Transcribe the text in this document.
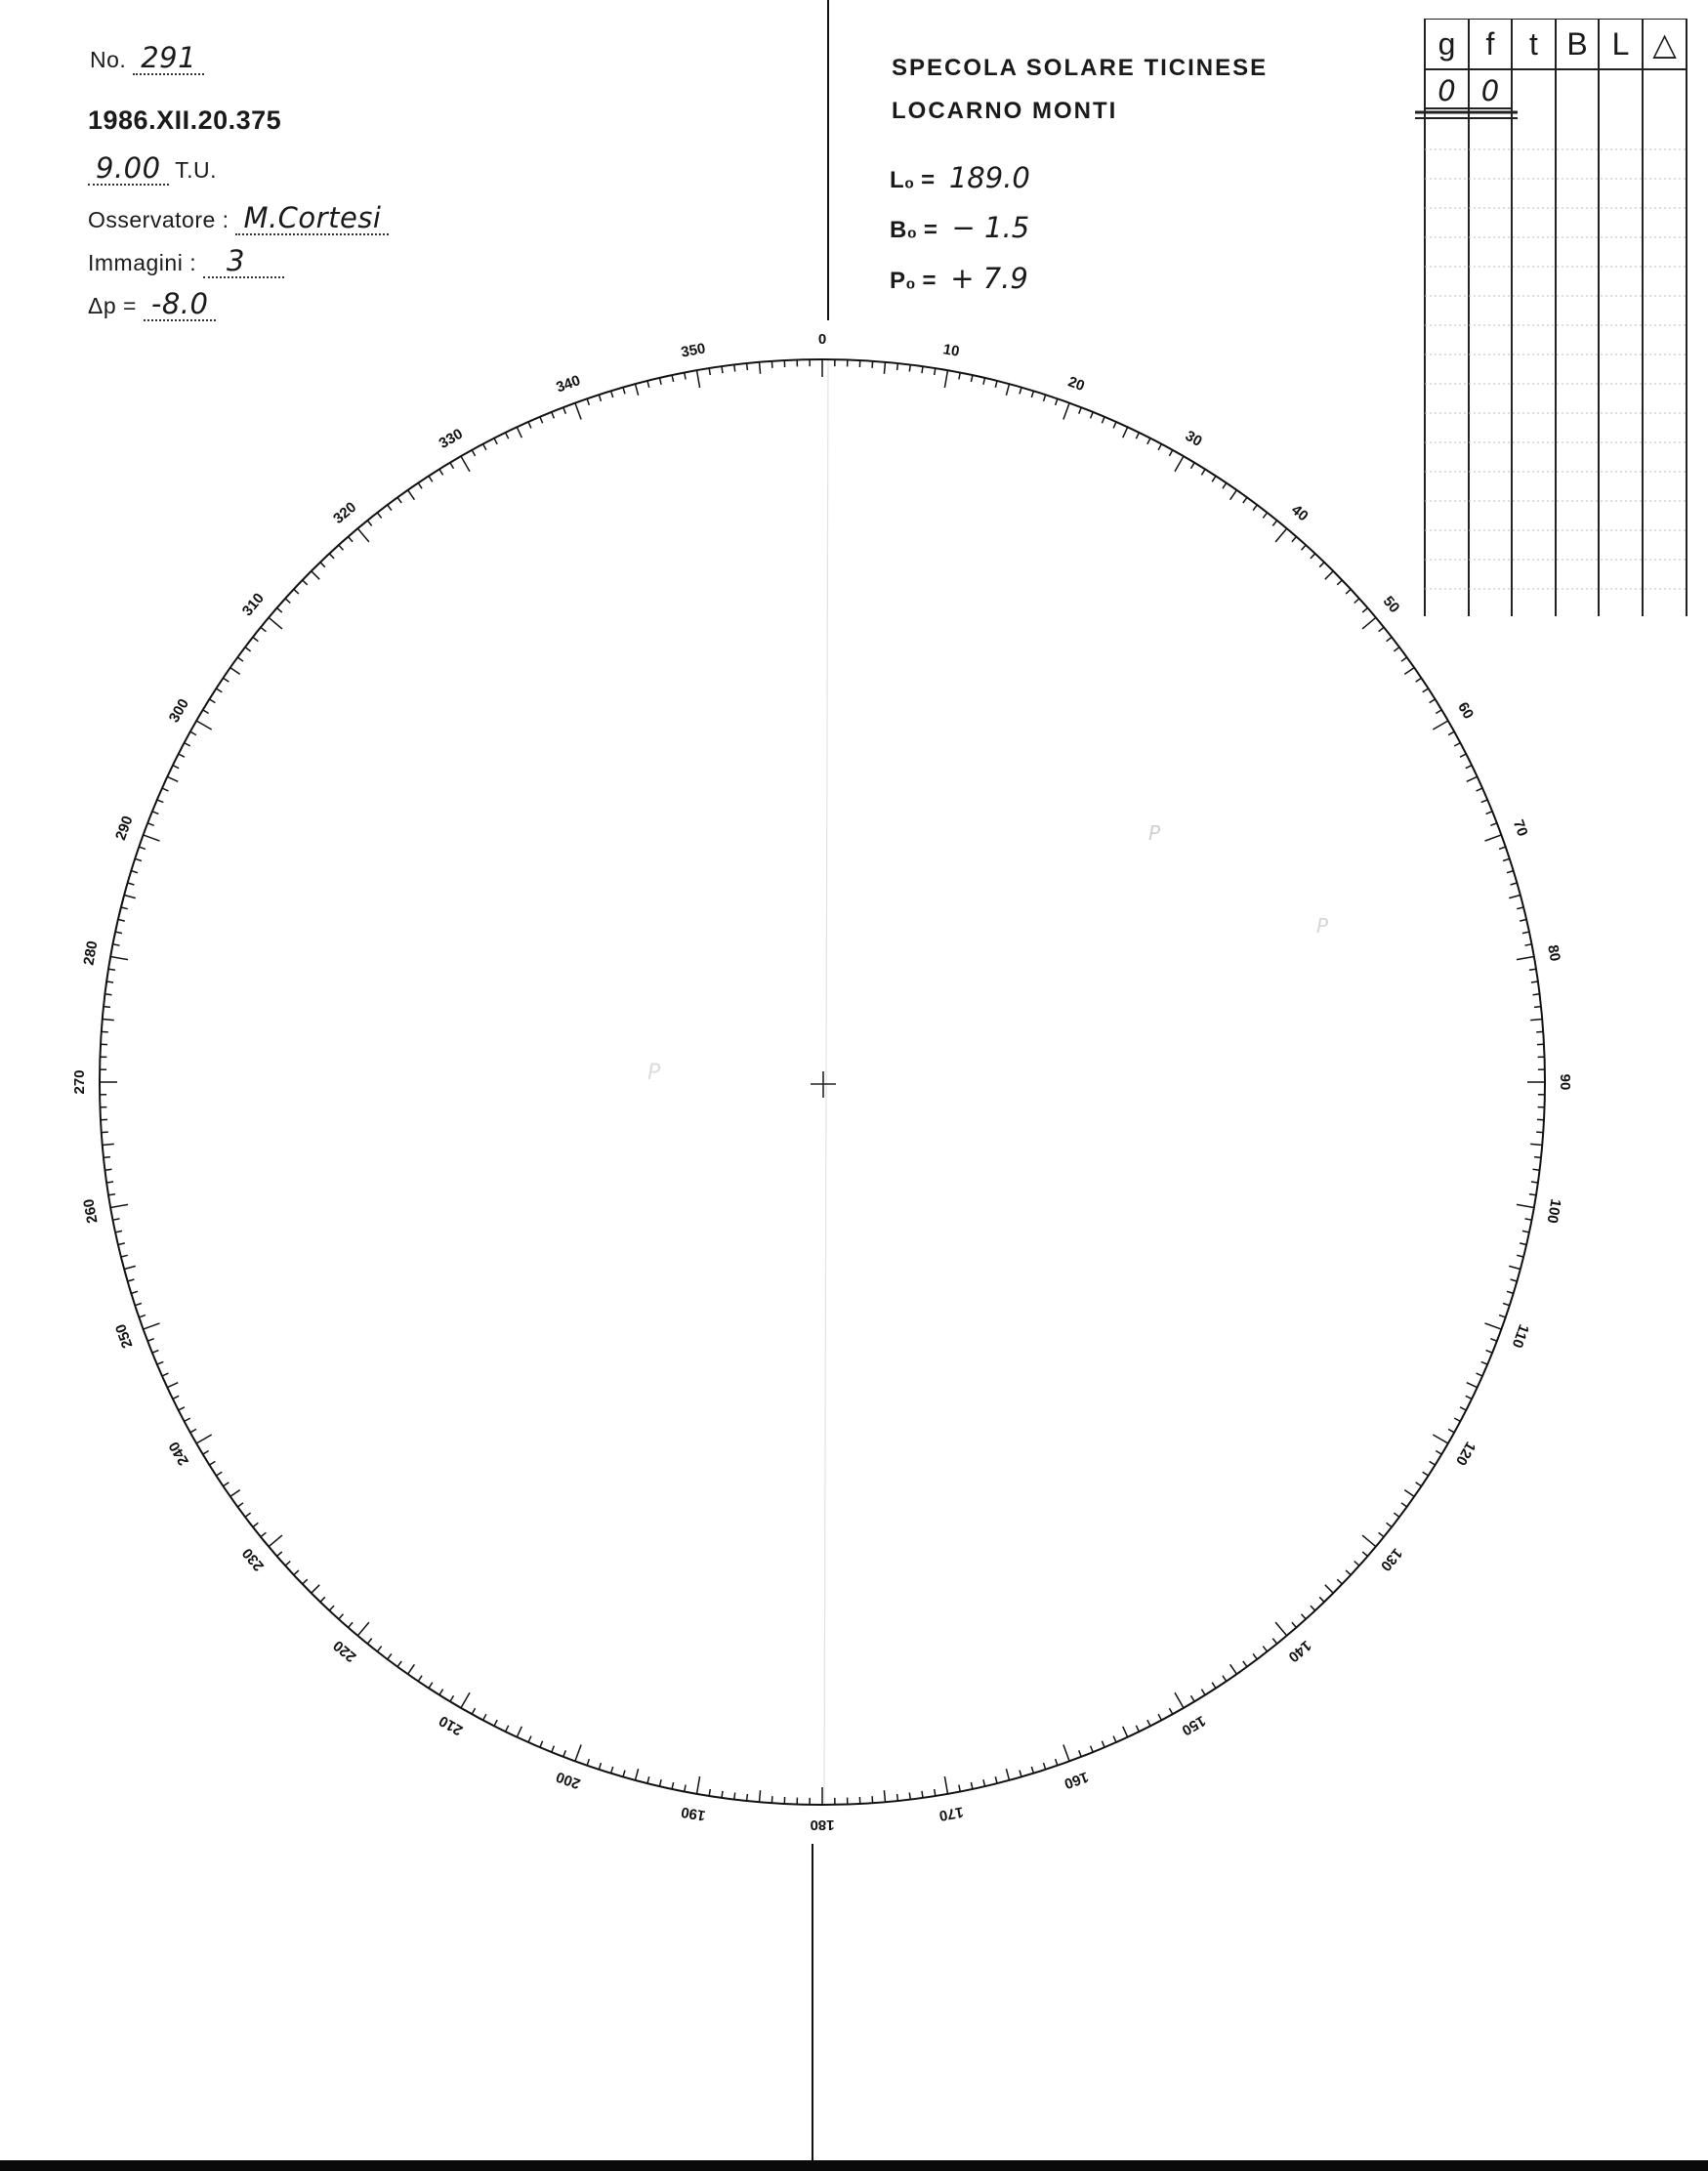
No. 291
1986.XII.20.375
9.00 T.U.
Osservatore : M.Cortesi
Immagini : 3
Δp = -8.0
SPECOLA SOLARE TICINESE
LOCARNO MONTI
L₀ = 189.0
B₀ = − 1.5
P₀ = + 7.9
g f	t B L △
0 0
0
10
20
30
40
50
60
70
80
90
100
110
120
130
140
150
160
170
180
190
200
210
220
230
240
250
260
270
280
290
300
310
320
330
340
350
P
P
P
